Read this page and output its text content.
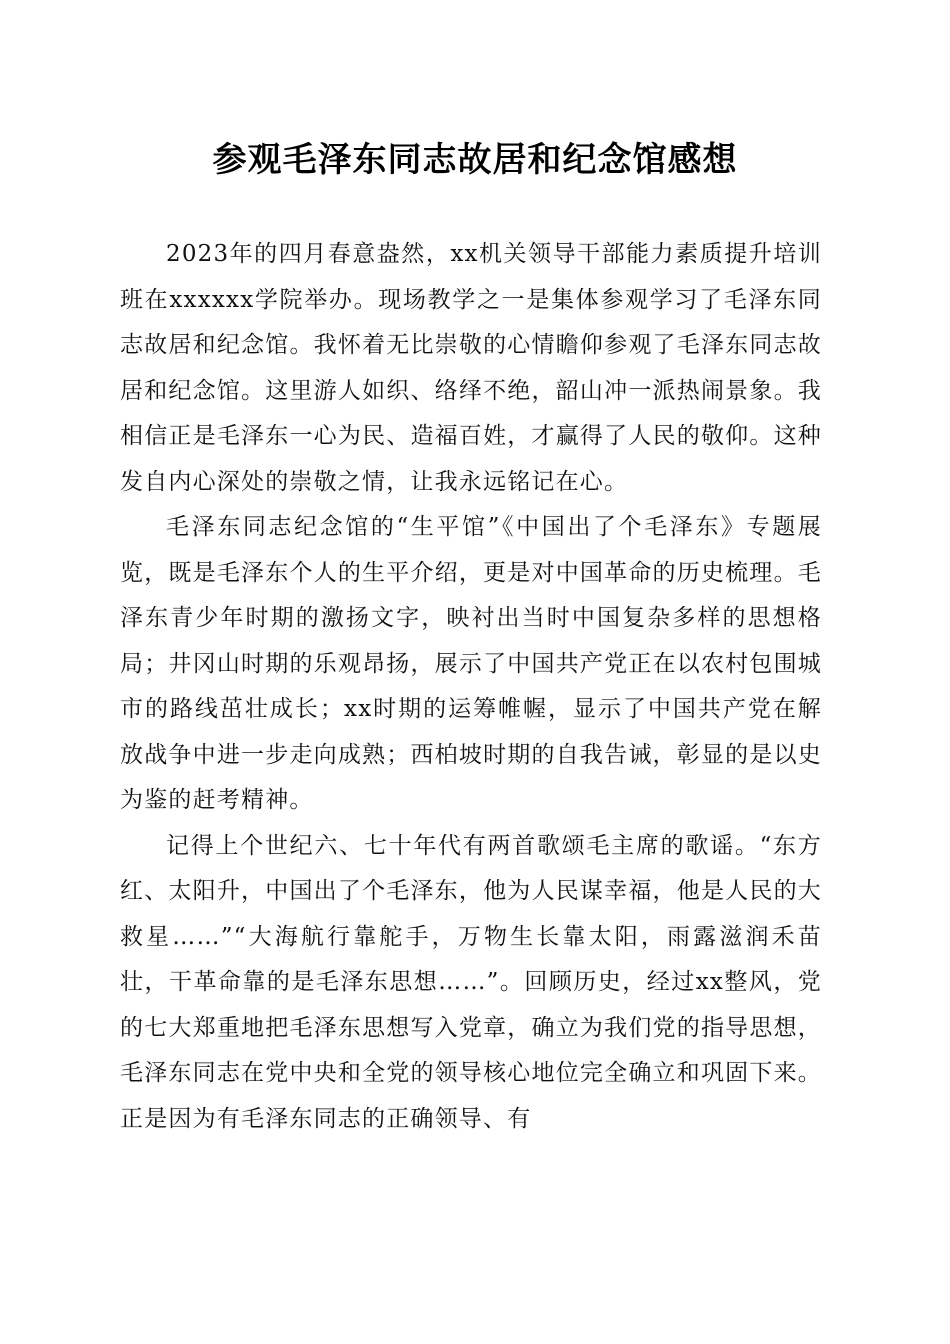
参观毛泽东同志故居和纪念馆感想

2023年的四月春意盎然，xx机关领导干部能力素质提升培训班在xxxxxx学院举办。现场教学之一是集体参观学习了毛泽东同志故居和纪念馆。我怀着无比崇敬的心情瞻仰参观了毛泽东同志故居和纪念馆。这里游人如织、络绎不绝，韶山冲一派热闹景象。我相信正是毛泽东一心为民、造福百姓，才赢得了人民的敬仰。这种发自内心深处的崇敬之情，让我永远铭记在心。

毛泽东同志纪念馆的“生平馆”《中国出了个毛泽东》专题展览，既是毛泽东个人的生平介绍，更是对中国革命的历史梳理。毛泽东青少年时期的激扬文字，映衬出当时中国复杂多样的思想格局；井冈山时期的乐观昂扬，展示了中国共产党正在以农村包围城市的路线茁壮成长；xx时期的运筹帷幄，显示了中国共产党在解放战争中进一步走向成熟；西柏坡时期的自我告诫，彰显的是以史为鉴的赶考精神。

记得上个世纪六、七十年代有两首歌颂毛主席的歌谣。“东方红、太阳升，中国出了个毛泽东，他为人民谋幸福，他是人民的大救星……”“大海航行靠舵手，万物生长靠太阳，雨露滋润禾苗壮，干革命靠的是毛泽东思想……”。回顾历史，经过xx整风，党的七大郑重地把毛泽东思想写入党章，确立为我们党的指导思想，毛泽东同志在党中央和全党的领导核心地位完全确立和巩固下来。正是因为有毛泽东同志的正确领导、有
